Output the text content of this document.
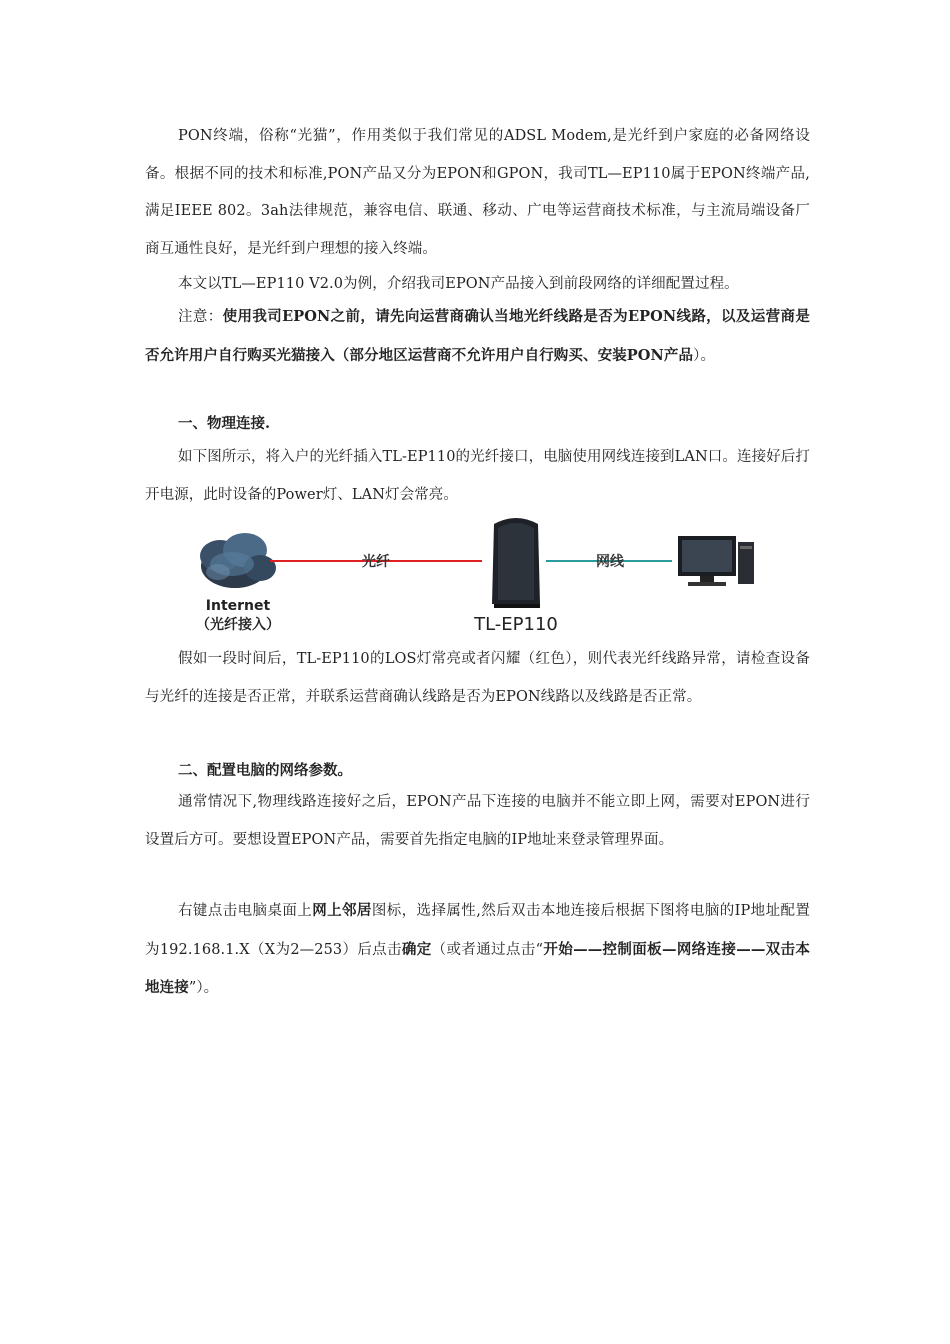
PON终端，俗称“光猫”，作用类似于我们常见的ADSL Modem,是光纤到户家庭的必备网络设备。根据不同的技术和标准,PON产品又分为EPON和GPON，我司TL—EP110属于EPON终端产品,满足IEEE 802。3ah法律规范，兼容电信、联通、移动、广电等运营商技术标准，与主流局端设备厂商互通性良好，是光纤到户理想的接入终端。

本文以TL—EP110 V2.0为例，介绍我司EPON产品接入到前段网络的详细配置过程。

注意：使用我司EPON之前，请先向运营商确认当地光纤线路是否为EPON线路，以及运营商是否允许用户自行购买光猫接入（部分地区运营商不允许用户自行购买、安装PON产品）。

一、物理连接.

如下图所示，将入户的光纤插入TL-EP110的光纤接口，电脑使用网线连接到LAN口。连接好后打开电源，此时设备的Power灯、LAN灯会常亮。

光纤
TL-EP110
网线
Internet
（光纤接入）

假如一段时间后，TL-EP110的LOS灯常亮或者闪耀（红色），则代表光纤线路异常，请检查设备与光纤的连接是否正常，并联系运营商确认线路是否为EPON线路以及线路是否正常。

二、配置电脑的网络参数。

通常情况下,物理线路连接好之后，EPON产品下连接的电脑并不能立即上网，需要对EPON进行设置后方可。要想设置EPON产品，需要首先指定电脑的IP地址来登录管理界面。

右键点击电脑桌面上网上邻居图标，选择属性,然后双击本地连接后根据下图将电脑的IP地址配置为192.168.1.X（X为2—253）后点击确定（或者通过点击“开始——控制面板—网络连接——双击本地连接”）。
